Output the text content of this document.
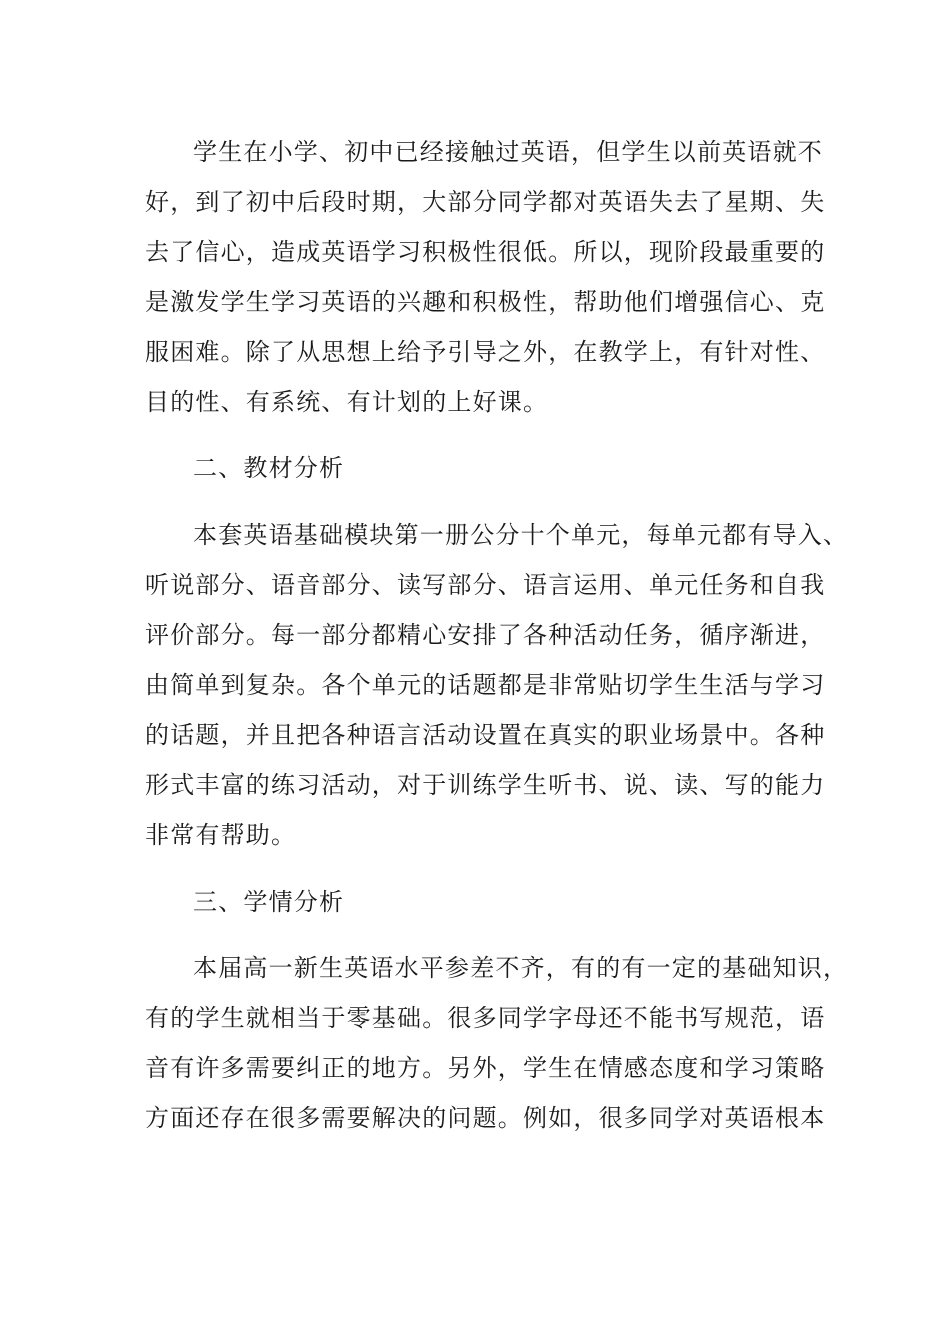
学生在小学、初中已经接触过英语，但学生以前英语就不
好，到了初中后段时期，大部分同学都对英语失去了星期、失
去了信心，造成英语学习积极性很低。所以，现阶段最重要的
是激发学生学习英语的兴趣和积极性，帮助他们增强信心、克
服困难。除了从思想上给予引导之外，在教学上，有针对性、
目的性、有系统、有计划的上好课。
二、教材分析
本套英语基础模块第一册公分十个单元，每单元都有导入、
听说部分、语音部分、读写部分、语言运用、单元任务和自我
评价部分。每一部分都精心安排了各种活动任务，循序渐进，
由简单到复杂。各个单元的话题都是非常贴切学生生活与学习
的话题，并且把各种语言活动设置在真实的职业场景中。各种
形式丰富的练习活动，对于训练学生听书、说、读、写的能力
非常有帮助。
三、学情分析
本届高一新生英语水平参差不齐，有的有一定的基础知识，
有的学生就相当于零基础。很多同学字母还不能书写规范，语
音有许多需要纠正的地方。另外，学生在情感态度和学习策略
方面还存在很多需要解决的问题。例如，很多同学对英语根本
